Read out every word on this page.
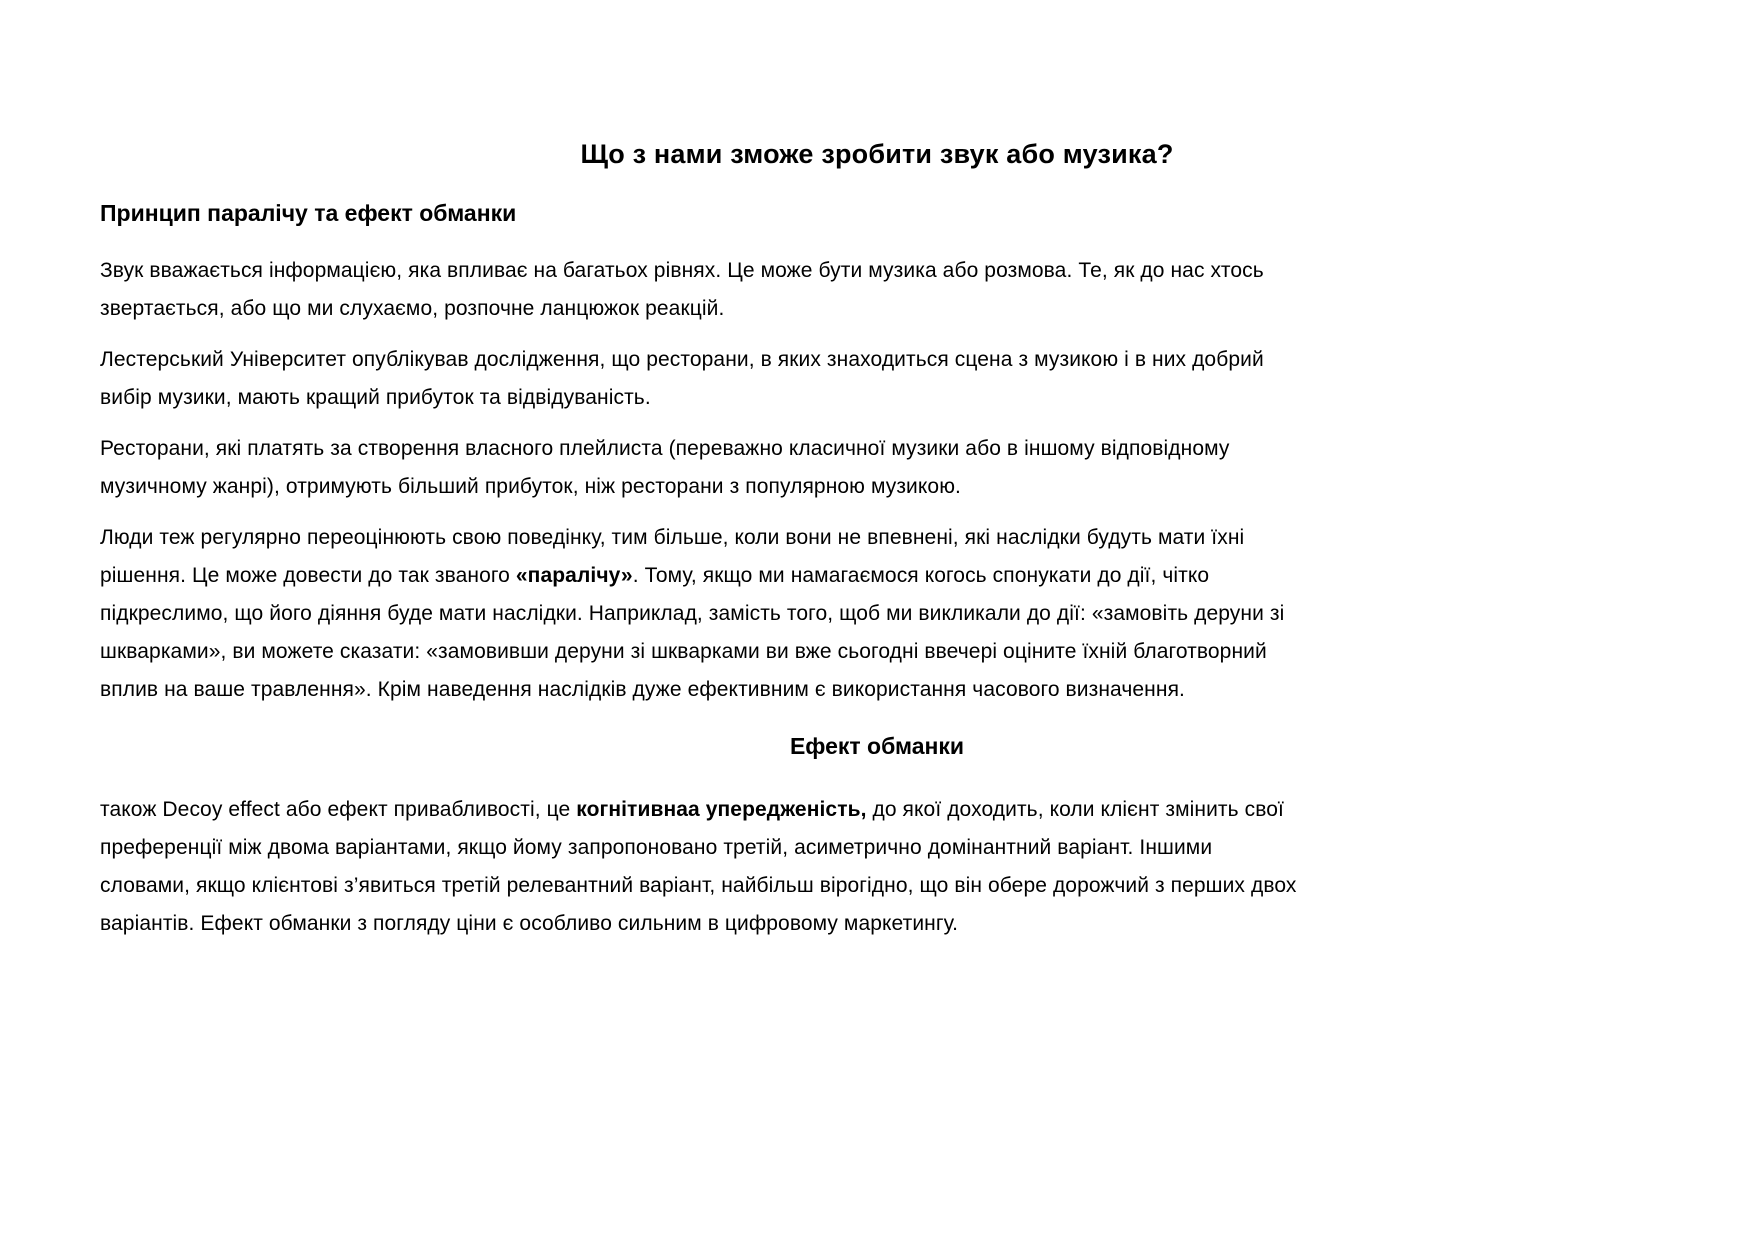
Що з нами зможе зробити звук або музика?
Принцип паралічу та ефект обманки

Звук вважається інформацією, яка впливає на багатьох рівнях. Це може бути музика або розмова. Те, як до нас хтось
звертається, або що ми слухаємо, розпочне ланцюжок реакцій.

Лестерський Університет опублікував дослідження, що ресторани, в яких знаходиться сцена з музикою і в них добрий
вибір музики, мають кращий прибуток та відвідуваність.

Ресторани, які платять за створення власного плейлиста (переважно класичної музики або в іншому відповідному
музичному жанрі), отримують більший прибуток, ніж ресторани з популярною музикою.

Люди теж регулярно переоцінюють свою поведінку, тим більше, коли вони не впевнені, які наслідки будуть мати їхні
рішення. Це може довести до так званого «паралічу». Тому, якщо ми намагаємося когось спонукати до дії, чітко
підкреслимо, що його діяння буде мати наслідки. Наприклад, замість того, щоб ми викликали до дії: «замовіть деруни зі
шкварками», ви можете сказати: «замовивши деруни зі шкварками ви вже сьогодні ввечері оціните їхній благотворний
вплив на ваше травлення». Крім наведення наслідків дуже ефективним є використання часового визначення.

Ефект обманки

також Decoy effect або ефект привабливості, це когнітивнаа упередженість, до якої доходить, коли клієнт змінить свої
преференції між двома варіантами, якщо йому запропоновано третій, асиметрично домінантний варіант. Іншими
словами, якщо клієнтові з’явиться третій релевантний варіант, найбільш вірогідно, що він обере дорожчий з перших двох
варіантів. Ефект обманки з погляду ціни є особливо сильним в цифровому маркетингу.
